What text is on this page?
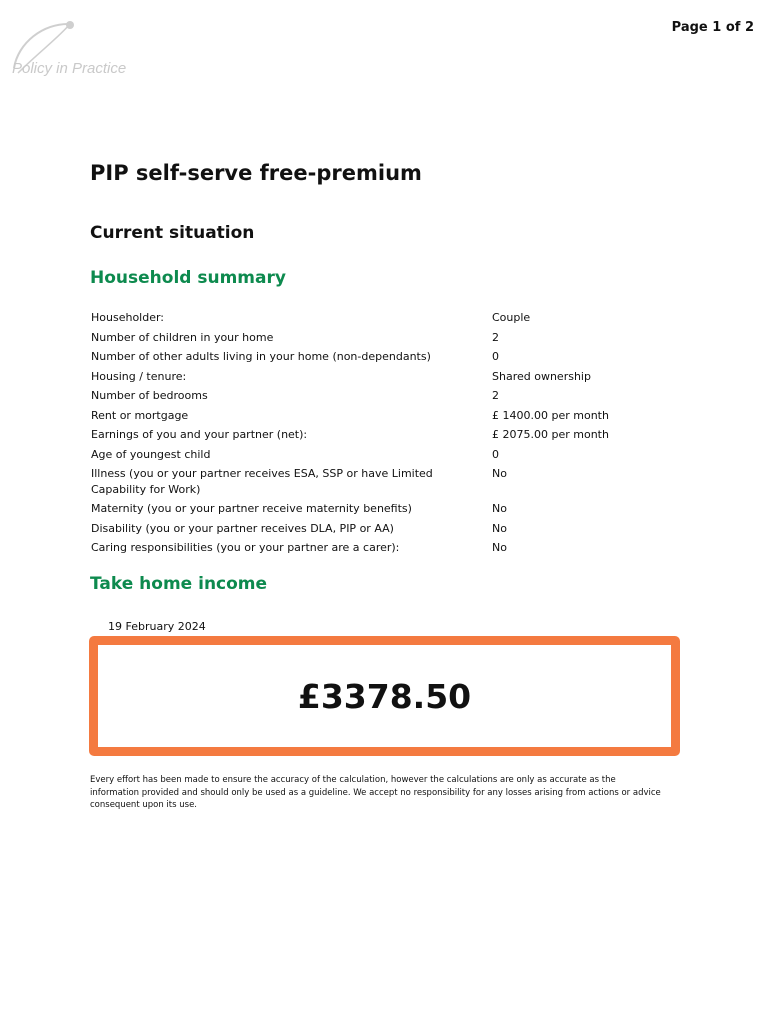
Policy in Practice
Page 1 of 2
PIP self-serve free-premium
Current situation
Household summary
Householder:	Couple
Number of children in your home	2
Number of other adults living in your home (non-dependants)	0
Housing / tenure:	Shared ownership
Number of bedrooms	2
Rent or mortgage	£ 1400.00 per month
Earnings of you and your partner (net):	£ 2075.00 per month
Age of youngest child	0
Illness (you or your partner receives ESA, SSP or have Limited Capability for Work)	No
Maternity (you or your partner receive maternity benefits)	No
Disability (you or your partner receives DLA, PIP or AA)	No
Caring responsibilities (you or your partner are a carer):	No
Take home income
19 February 2024
£3378.50

Every effort has been made to ensure the accuracy of the calculation, however the calculations are only as accurate as the information provided and should only be used as a guideline. We accept no responsibility for any losses arising from actions or advice consequent upon its use.
